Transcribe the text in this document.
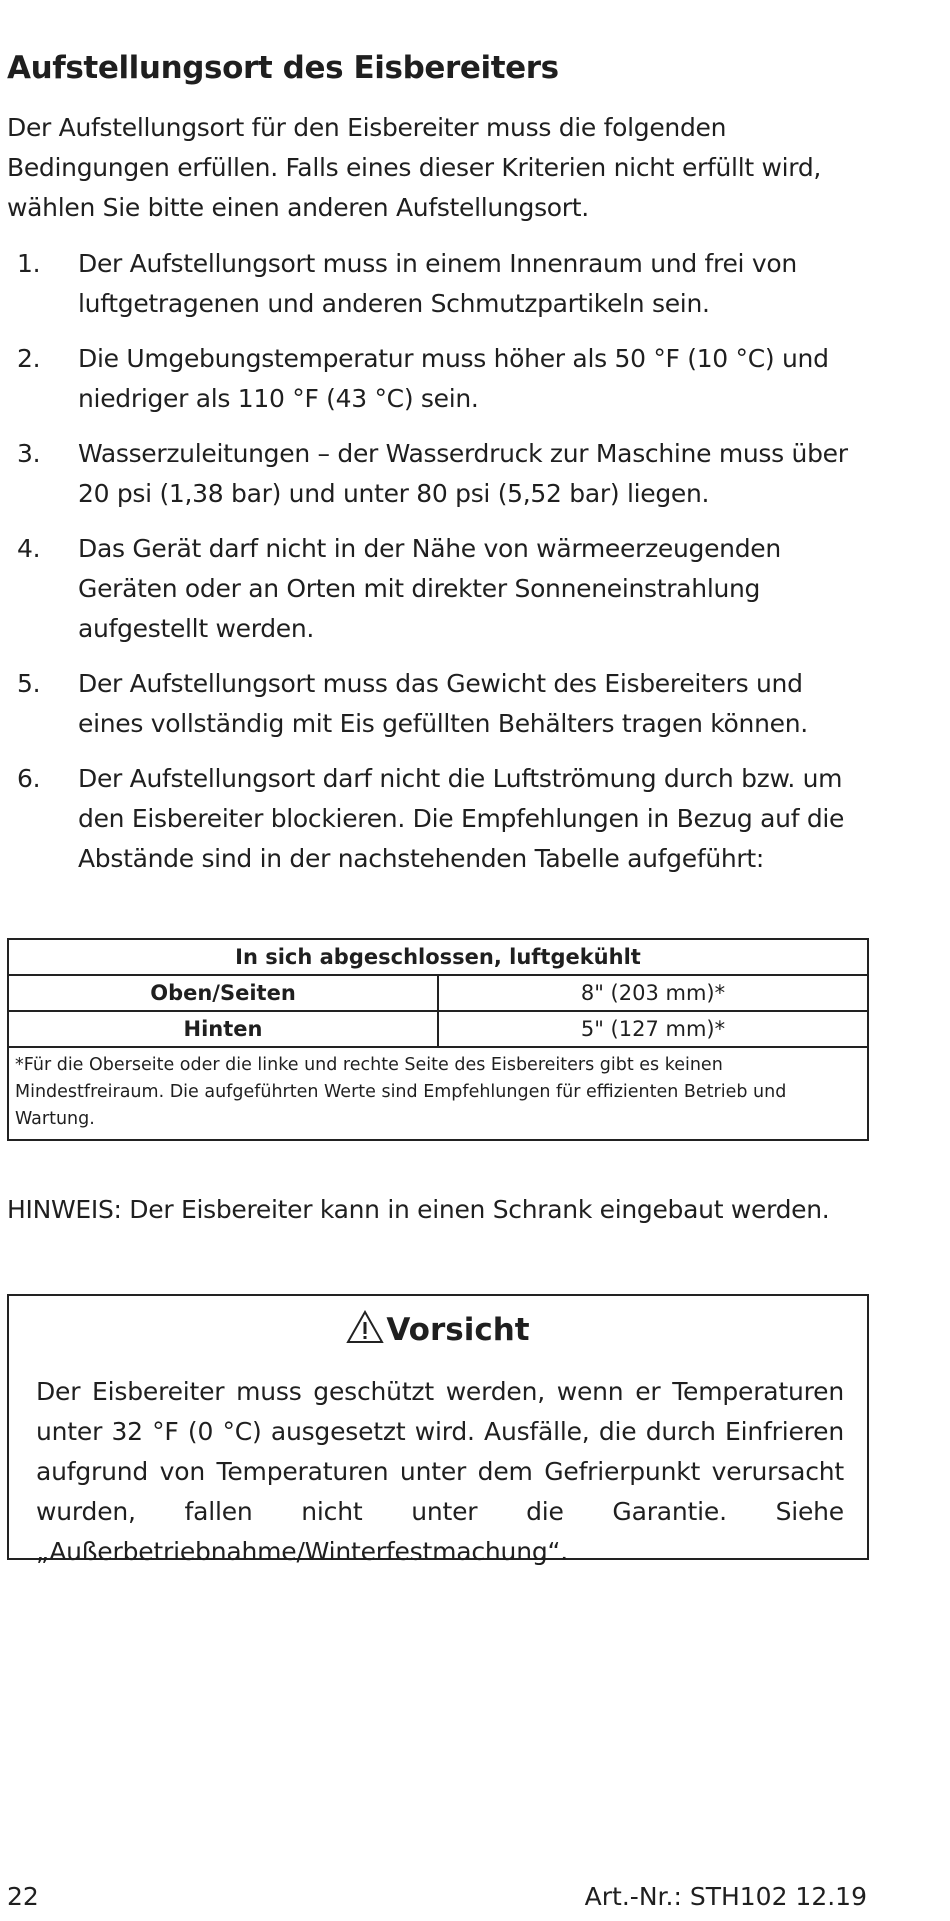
Aufstellungsort des Eisbereiters

Der Aufstellungsort für den Eisbereiter muss die folgenden Bedingungen erfüllen. Falls eines dieser Kriterien nicht erfüllt wird, wählen Sie bitte einen anderen Aufstellungsort.

1.	Der Aufstellungsort muss in einem Innenraum und frei von luftgetragenen und anderen Schmutzpartikeln sein.
2.	Die Umgebungstemperatur muss höher als 50 °F (10 °C) und niedriger als 110 °F (43 °C) sein.
3.	Wasserzuleitungen – der Wasserdruck zur Maschine muss über 20 psi (1,38 bar) und unter 80 psi (5,52 bar) liegen.
4.	Das Gerät darf nicht in der Nähe von wärmeerzeugenden Geräten oder an Orten mit direkter Sonneneinstrahlung aufgestellt werden.
5.	Der Aufstellungsort muss das Gewicht des Eisbereiters und eines vollständig mit Eis gefüllten Behälters tragen können.
6.	Der Aufstellungsort darf nicht die Luftströmung durch bzw. um den Eisbereiter blockieren. Die Empfehlungen in Bezug auf die Abstände sind in der nachstehenden Tabelle aufgeführt:
In sich abgeschlossen, luftgekühlt	
Oben/Seiten	8" (203 mm)*
Hinten	5" (127 mm)*
*Für die Oberseite oder die linke und rechte Seite des Eisbereiters gibt es keinen Mindestfreiraum. Die aufgeführten Werte sind Empfehlungen für effizienten Betrieb und Wartung.	

HINWEIS: Der Eisbereiter kann in einen Schrank eingebaut werden.

Vorsicht

Der Eisbereiter muss geschützt werden, wenn er Temperaturen unter 32 °F (0 °C) ausgesetzt wird. Ausfälle, die durch Einfrieren aufgrund von Temperaturen unter dem Gefrierpunkt verursacht wurden, fallen nicht unter die Garantie. Siehe „Außerbetriebnahme/Winterfestmachung“.

22	Art.-Nr.: STH102 12.19
